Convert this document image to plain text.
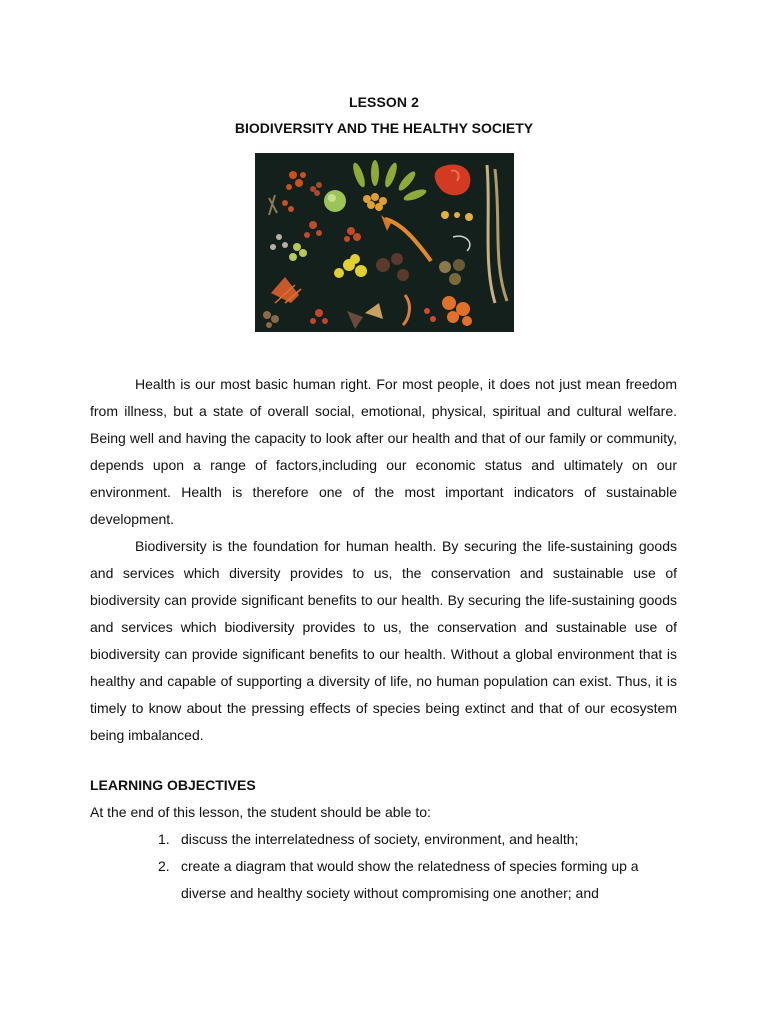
LESSON 2
BIODIVERSITY AND THE HEALTHY SOCIETY

Health is our most basic human right. For most people, it does not just mean freedom from illness, but a state of overall social, emotional, physical, spiritual and cultural welfare. Being well and having the capacity to look after our health and that of our family or community, depends upon a range of factors,including our economic status and ultimately on our environment. Health is therefore one of the most important indicators of sustainable development.

Biodiversity is the foundation for human health. By securing the life-sustaining goods and services which diversity provides to us, the conservation and sustainable use of biodiversity can provide significant benefits to our health. By securing the life-sustaining goods and services which biodiversity provides to us, the conservation and sustainable use of biodiversity can provide significant benefits to our health. Without a global environment that is healthy and capable of supporting a diversity of life, no human population can exist. Thus, it is timely to know about the pressing effects of species being extinct and that of our ecosystem being imbalanced.

LEARNING OBJECTIVES
At the end of this lesson, the student should be able to:
1. discuss the interrelatedness of society, environment, and health;
2. create a diagram that would show the relatedness of species forming up a diverse and healthy society without compromising one another; and
